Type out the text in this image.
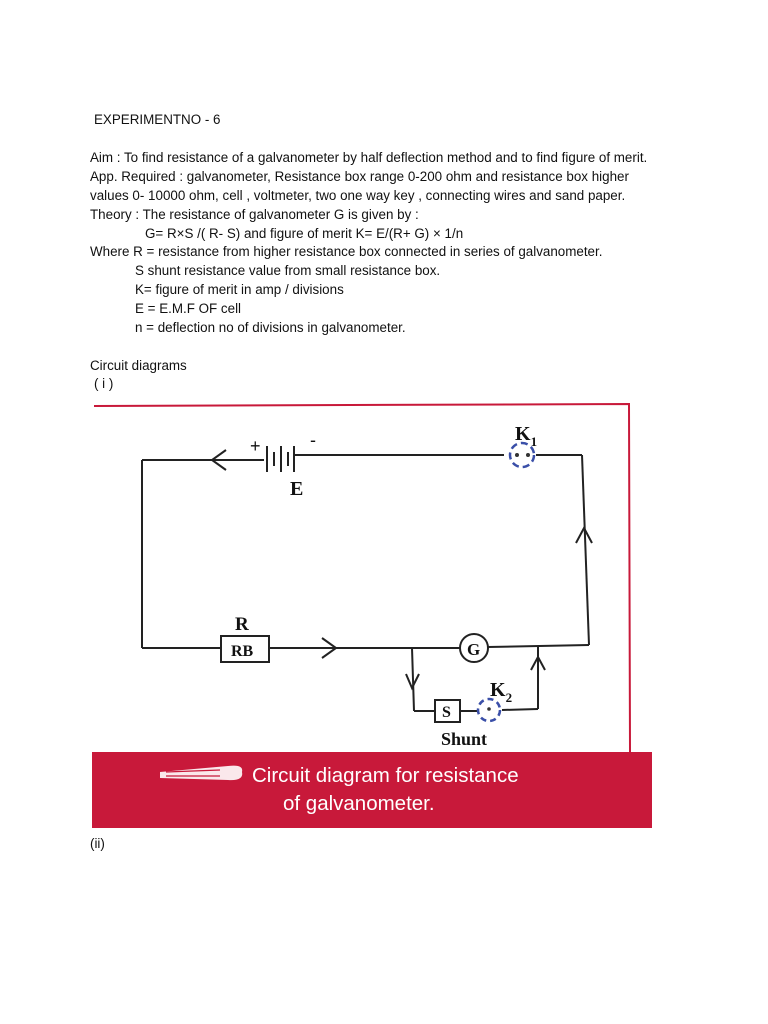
EXPERIMENTNO - 6
Aim : To find resistance of a galvanometer by half deflection method and to find figure of merit.
App. Required : galvanometer, Resistance box range 0-200 ohm and resistance box higher
values 0- 10000 ohm, cell , voltmeter, two one way key , connecting wires and sand paper.
Theory : The resistance of galvanometer G is given by :
G= R×S /( R- S) and figure of merit K= E/(R+ G) × 1/n
Where R = resistance from higher resistance box connected in series of galvanometer.
S shunt resistance value from small resistance box.
K= figure of merit in amp / divisions
E = E.M.F OF cell
n = deflection no of divisions in galvanometer.
Circuit diagrams
( i )
+	-
E
$K_1$
RB
R
G
S
$K_2$
Shunt
Circuit diagram for resistance
of galvanometer.
(ii)
